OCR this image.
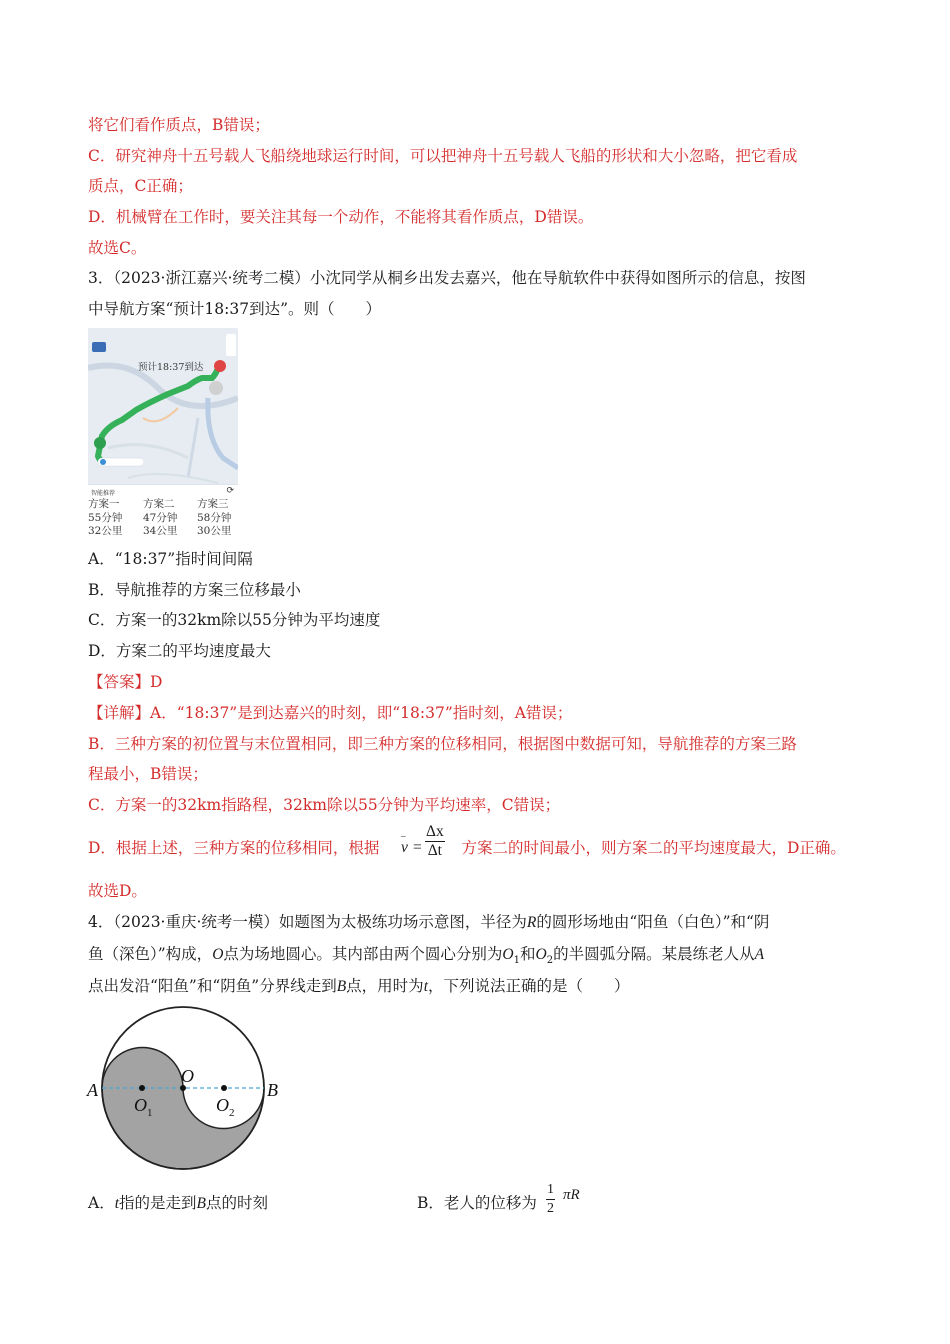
将它们看作质点，B错误；
C．研究神舟十五号载人飞船绕地球运行时间，可以把神舟十五号载人飞船的形状和大小忽略，把它看成
质点，C正确；
D．机械臂在工作时，要关注其每一个动作，不能将其看作质点，D错误。
故选C。
3．（2023·浙江嘉兴·统考二模）小沈同学从桐乡出发去嘉兴，他在导航软件中获得如图所示的信息，按图
中导航方案“预计18:37到达”。则（　　）
预计18:37到达
智能推荐	⟳
方案一
55分钟
32公里
方案二
47分钟
34公里
方案三
58分钟
30公里
A．“18:37”指时间间隔
B．导航推荐的方案三位移最小
C．方案一的32km除以55分钟为平均速度
D．方案二的平均速度最大
【答案】D
【详解】A．“18:37”是到达嘉兴的时刻，即“18:37”指时刻，A错误；
B．三种方案的初位置与末位置相同，即三种方案的位移相同，根据图中数据可知，导航推荐的方案三路
程最小，B错误；
C．方案一的32km指路程，32km除以55分钟为平均速率，C错误；
D．根据上述，三种方案的位移相同，根据	方案二的时间最小，则方案二的平均速度最大，D正确。
–
$v = \frac{\Delta x}{\Delta t}$
故选D。
4．（2023·重庆·统考一模）如题图为太极练功场示意图，半径为R的圆形场地由“阳鱼（白色）”和“阴
鱼（深色）”构成，O点为场地圆心。其内部由两个圆心分别为$O_1$和$O_2$的半圆弧分隔。某晨练老人从A
点出发沿“阳鱼”和“阴鱼”分界线走到B点，用时为t，下列说法正确的是（　　）
A	B
O
O 1	O 2
A．t指的是走到B点的时刻	B．老人的位移为 $\frac{1}{2}$ πR
